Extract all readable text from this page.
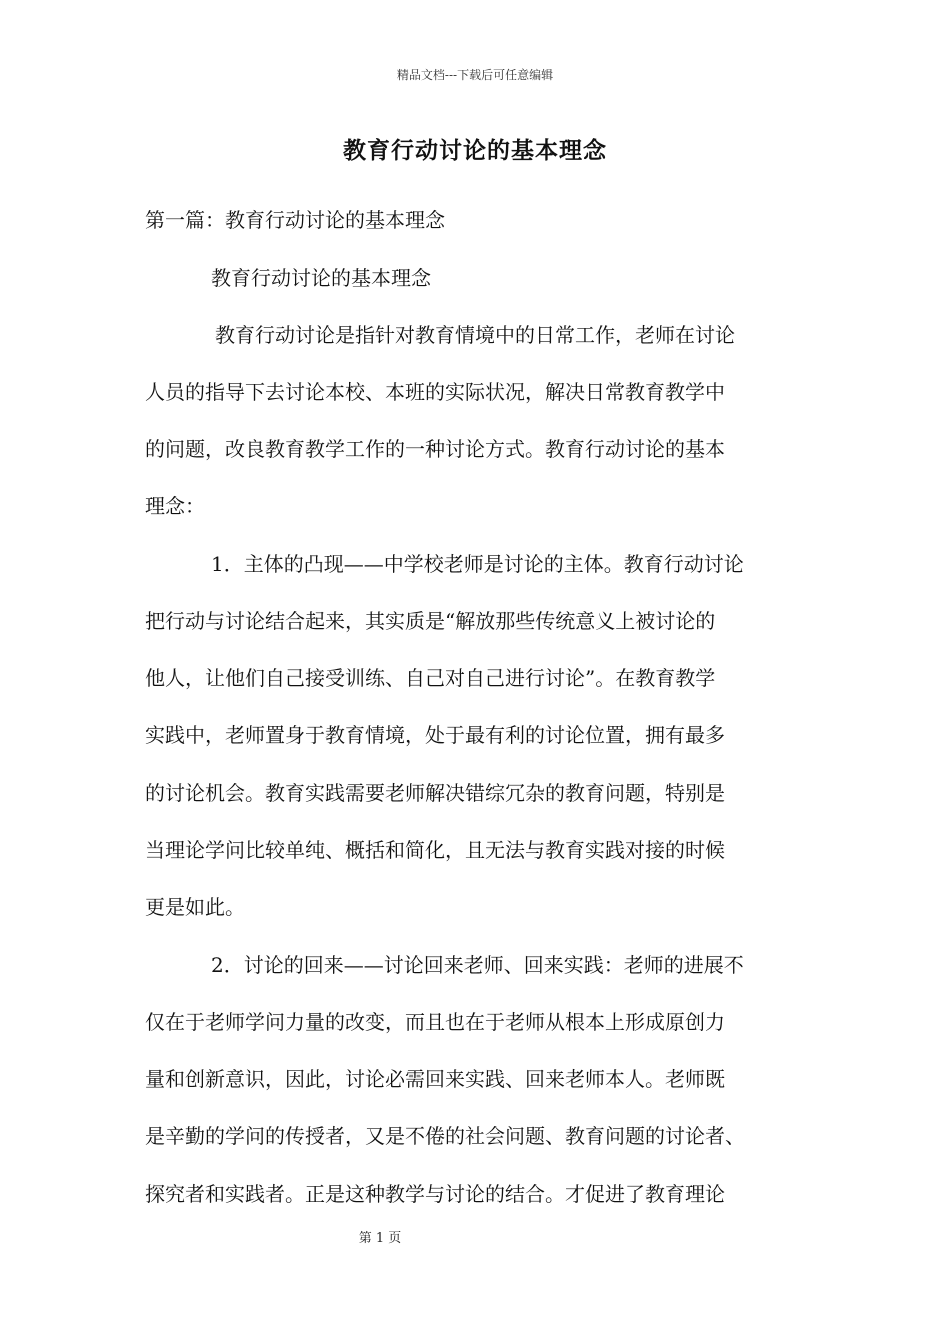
精品文档---下载后可任意编辑
教育行动讨论的基本理念
第一篇：教育行动讨论的基本理念
教育行动讨论的基本理念
教育行动讨论是指针对教育情境中的日常工作，老师在讨论
人员的指导下去讨论本校、本班的实际状况，解决日常教育教学中
的问题，改良教育教学工作的一种讨论方式。教育行动讨论的基本
理念：
1．主体的凸现——中学校老师是讨论的主体。教育行动讨论
把行动与讨论结合起来，其实质是“解放那些传统意义上被讨论的
他人，让他们自己接受训练、自己对自己进行讨论”。在教育教学
实践中，老师置身于教育情境，处于最有利的讨论位置，拥有最多
的讨论机会。教育实践需要老师解决错综冗杂的教育问题，特别是
当理论学问比较单纯、概括和简化，且无法与教育实践对接的时候
更是如此。
2．讨论的回来——讨论回来老师、回来实践：老师的进展不
仅在于老师学问力量的改变，而且也在于老师从根本上形成原创力
量和创新意识，因此，讨论必需回来实践、回来老师本人。老师既
是辛勤的学问的传授者，又是不倦的社会问题、教育问题的讨论者、
探究者和实践者。正是这种教学与讨论的结合。才促进了教育理论
第 1 页
